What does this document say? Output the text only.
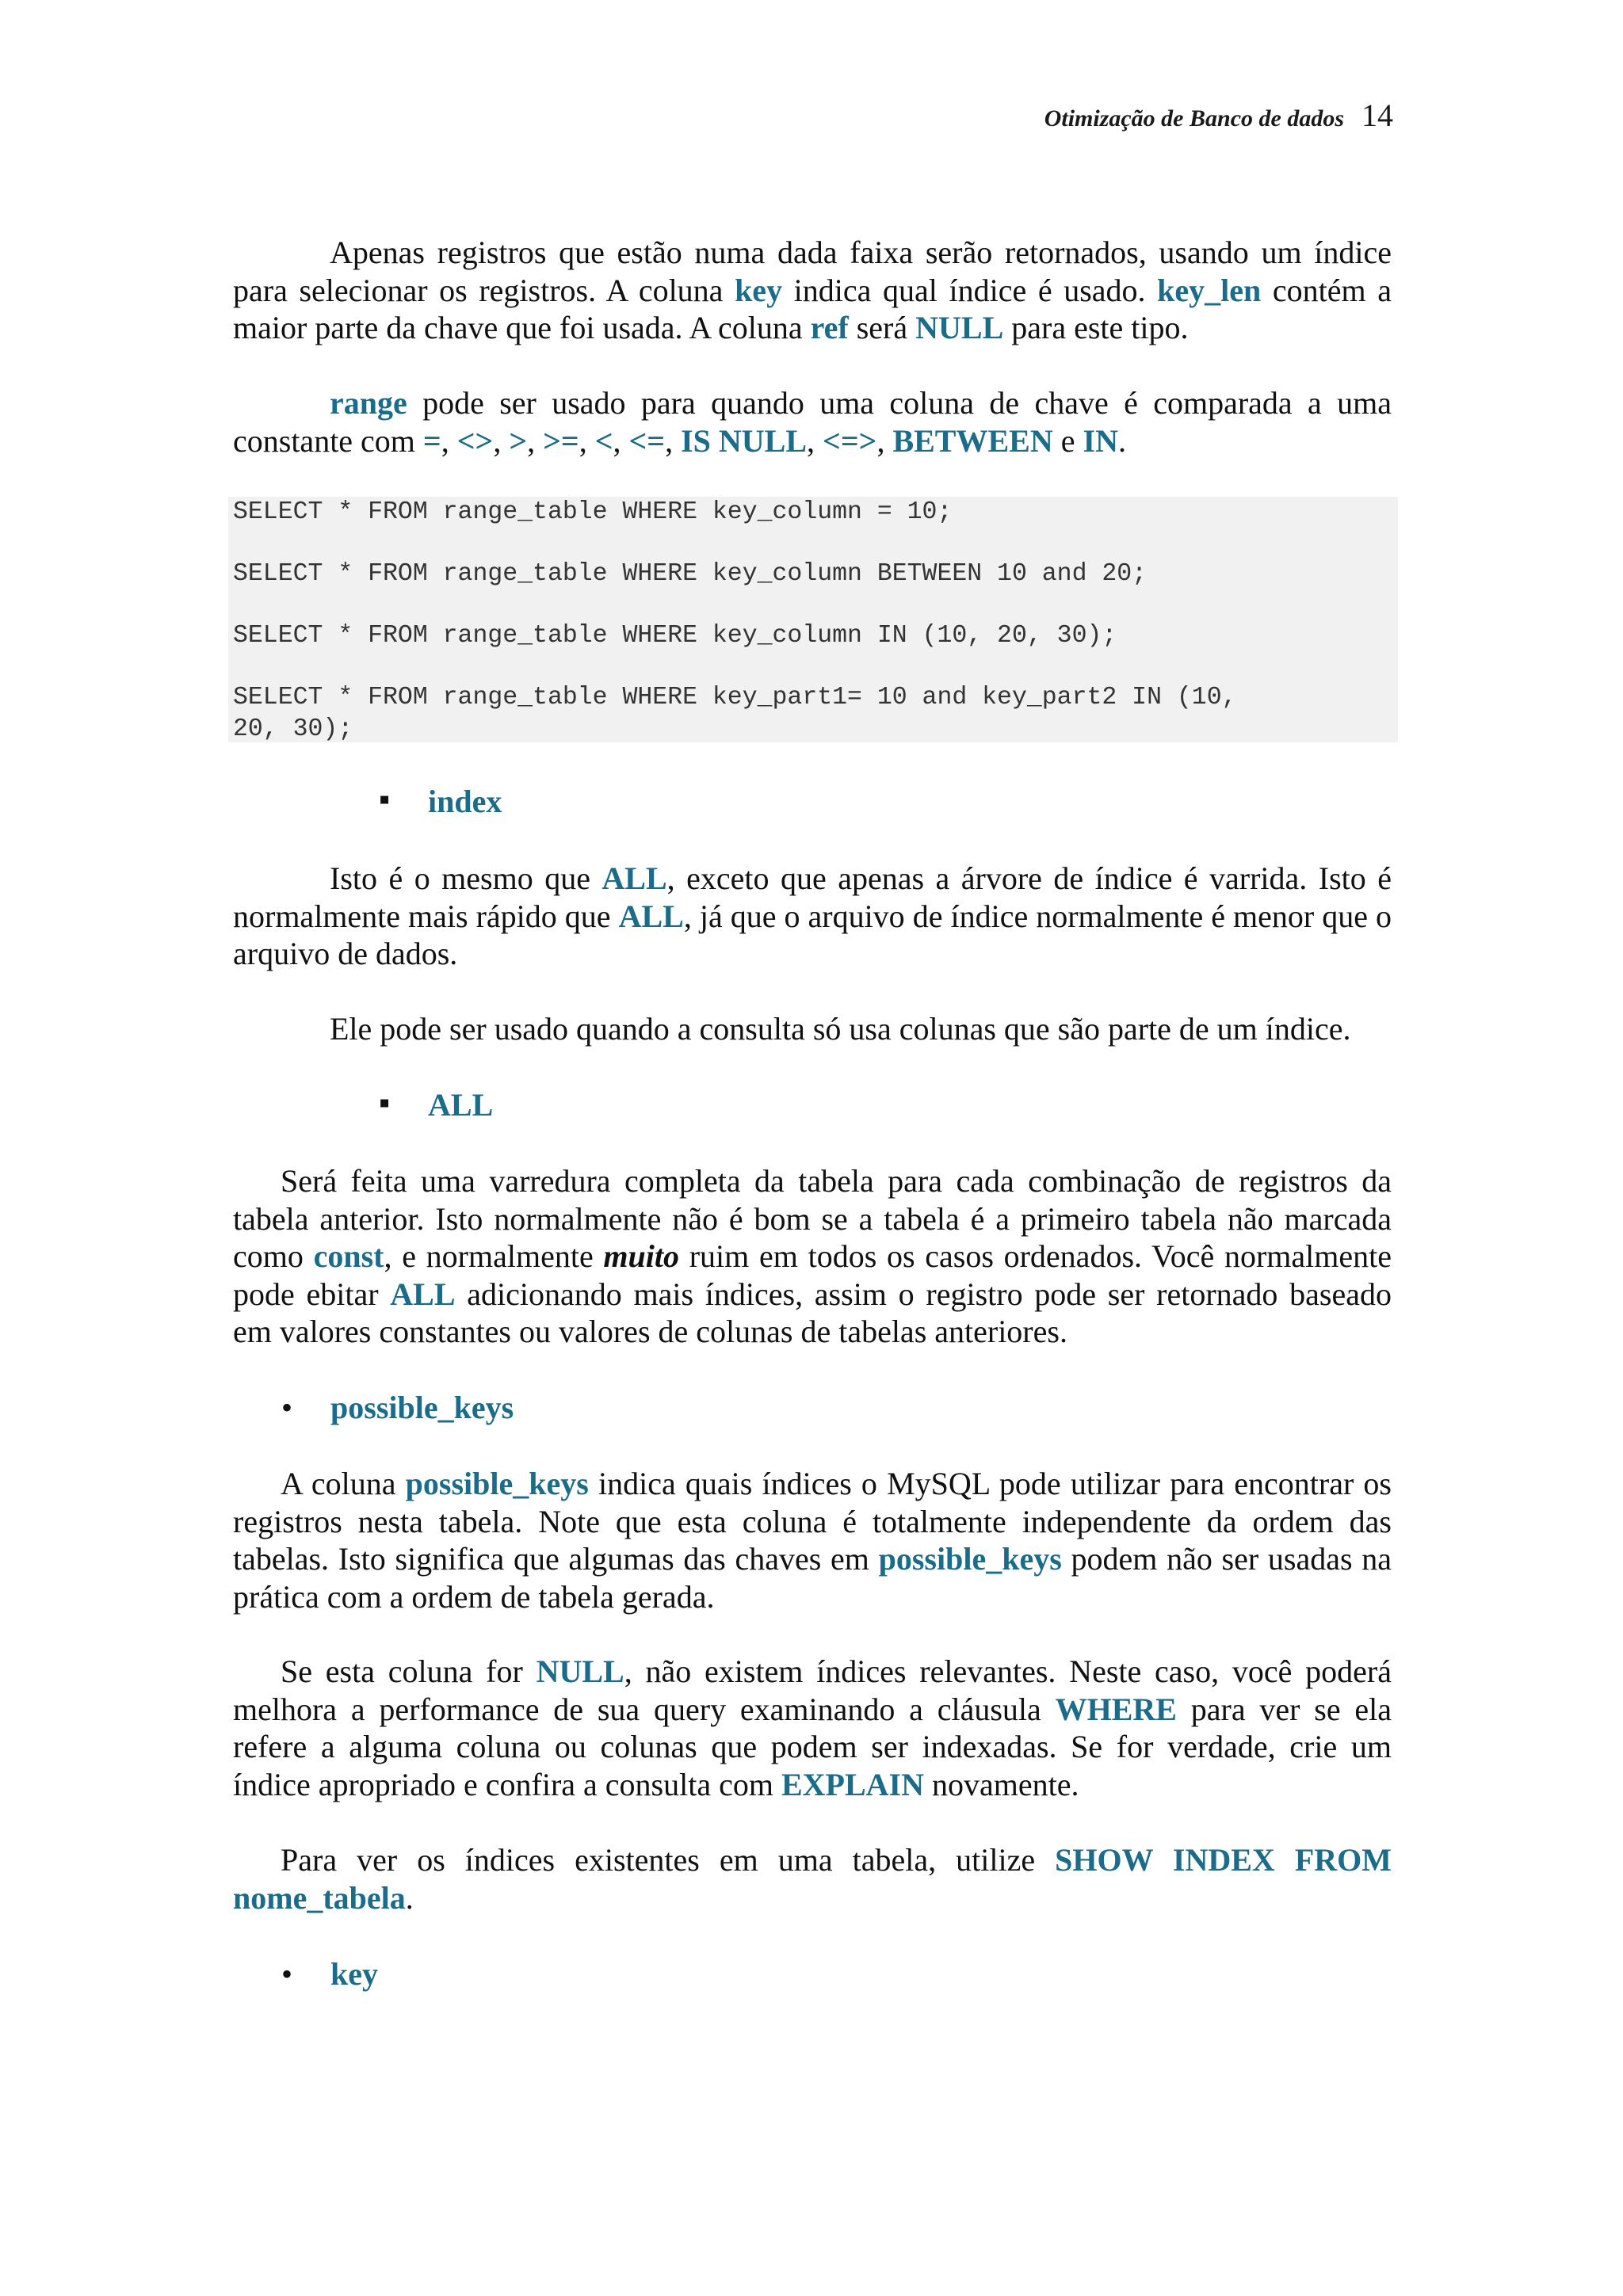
Otimização de Banco de dados 14

Apenas registros que estão numa dada faixa serão retornados, usando um índice para selecionar os registros. A coluna key indica qual índice é usado. key_len contém a maior parte da chave que foi usada. A coluna ref será NULL para este tipo.

range pode ser usado para quando uma coluna de chave é comparada a uma constante com =, <>, >, >=, <, <=, IS NULL, <=>, BETWEEN e IN.

SELECT * FROM range_table WHERE key_column = 10;
SELECT * FROM range_table WHERE key_column BETWEEN 10 and 20;
SELECT * FROM range_table WHERE key_column IN (10, 20, 30);
SELECT * FROM range_table WHERE key_part1= 10 and key_part2 IN (10,
20, 30);
▪ index

Isto é o mesmo que ALL, exceto que apenas a árvore de índice é varrida. Isto é normalmente mais rápido que ALL, já que o arquivo de índice normalmente é menor que o arquivo de dados.

Ele pode ser usado quando a consulta só usa colunas que são parte de um índice.

▪ ALL

Será feita uma varredura completa da tabela para cada combinação de registros da tabela anterior. Isto normalmente não é bom se a tabela é a primeiro tabela não marcada como const, e normalmente muito ruim em todos os casos ordenados. Você normalmente pode ebitar ALL adicionando mais índices, assim o registro pode ser retornado baseado em valores constantes ou valores de colunas de tabelas anteriores.

• possible_keys

A coluna possible_keys indica quais índices o MySQL pode utilizar para encontrar os registros nesta tabela. Note que esta coluna é totalmente independente da ordem das tabelas. Isto significa que algumas das chaves em possible_keys podem não ser usadas na prática com a ordem de tabela gerada.

Se esta coluna for NULL, não existem índices relevantes. Neste caso, você poderá melhora a performance de sua query examinando a cláusula WHERE para ver se ela refere a alguma coluna ou colunas que podem ser indexadas. Se for verdade, crie um índice apropriado e confira a consulta com EXPLAIN novamente.

Para ver os índices existentes em uma tabela, utilize SHOW INDEX FROM nome_tabela.

• key
